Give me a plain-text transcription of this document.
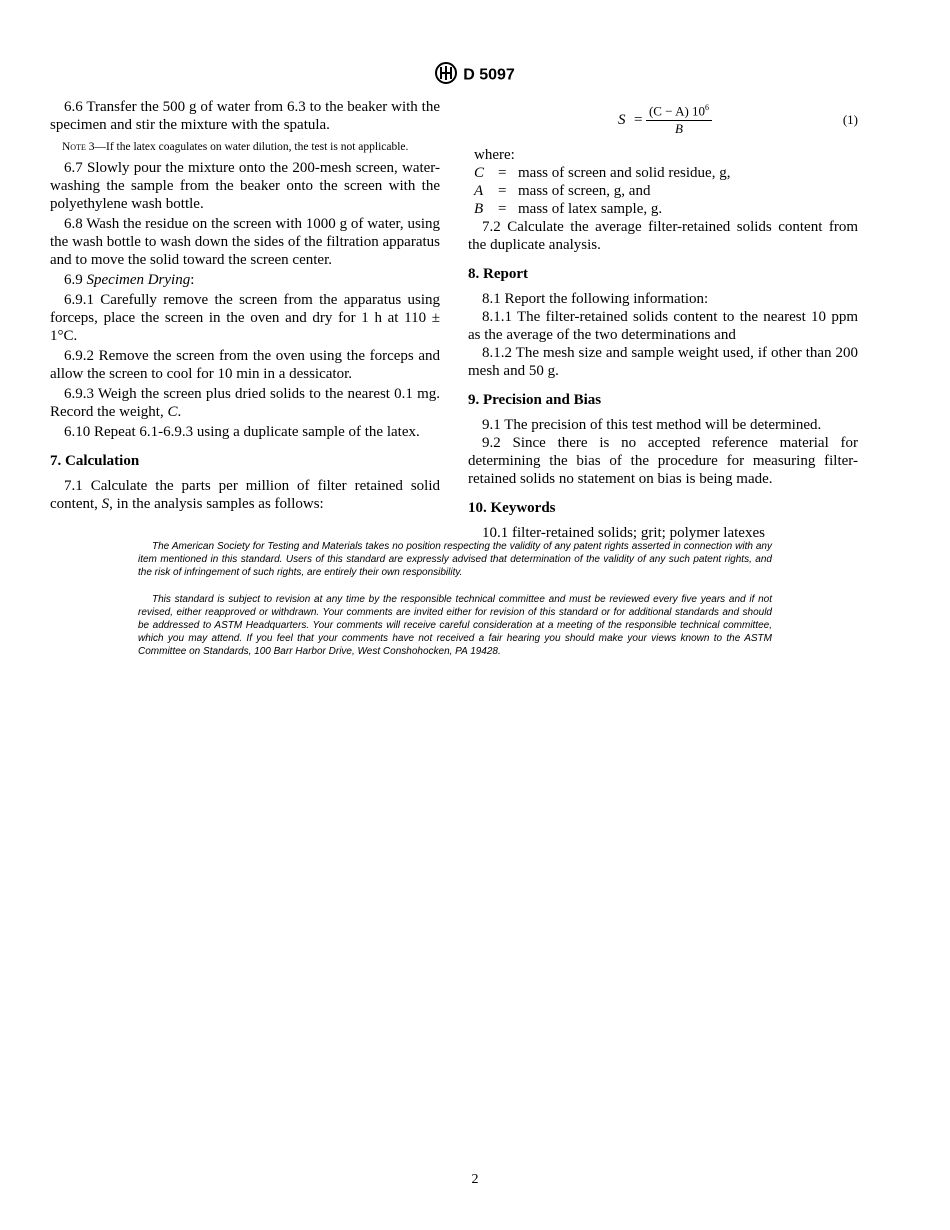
D 5097

6.6 Transfer the 500 g of water from 6.3 to the beaker with the specimen and stir the mixture with the spatula.

Note 3—If the latex coagulates on water dilution, the test is not applicable.

6.7 Slowly pour the mixture onto the 200-mesh screen, water-washing the sample from the beaker onto the screen with the polyethylene wash bottle.

6.8 Wash the residue on the screen with 1000 g of water, using the wash bottle to wash down the sides of the filtration apparatus and to move the solid toward the screen center.

6.9 Specimen Drying:

6.9.1 Carefully remove the screen from the apparatus using forceps, place the screen in the oven and dry for 1 h at 110 ± 1°C.

6.9.2 Remove the screen from the oven using the forceps and allow the screen to cool for 10 min in a dessicator.

6.9.3 Weigh the screen plus dried solids to the nearest 0.1 mg. Record the weight, C.

6.10 Repeat 6.1-6.9.3 using a duplicate sample of the latex.

7. Calculation

7.1 Calculate the parts per million of filter retained solid content, S, in the analysis samples as follows:

$S = \frac{(C - A) 10^6}{B}$	(1)
where:
C = mass of screen and solid residue, g,
A = mass of screen, g, and
B = mass of latex sample, g.

7.2 Calculate the average filter-retained solids content from the duplicate analysis.

8. Report

8.1 Report the following information:

8.1.1 The filter-retained solids content to the nearest 10 ppm as the average of the two determinations and

8.1.2 The mesh size and sample weight used, if other than 200 mesh and 50 g.

9. Precision and Bias

9.1 The precision of this test method will be determined.

9.2 Since there is no accepted reference material for determining the bias of the procedure for measuring filter-retained solids no statement on bias is being made.

10. Keywords

10.1 filter-retained solids; grit; polymer latexes

The American Society for Testing and Materials takes no position respecting the validity of any patent rights asserted in connection with any item mentioned in this standard. Users of this standard are expressly advised that determination of the validity of any such patent rights, and the risk of infringement of such rights, are entirely their own responsibility.

This standard is subject to revision at any time by the responsible technical committee and must be reviewed every five years and if not revised, either reapproved or withdrawn. Your comments are invited either for revision of this standard or for additional standards and should be addressed to ASTM Headquarters. Your comments will receive careful consideration at a meeting of the responsible technical committee, which you may attend. If you feel that your comments have not received a fair hearing you should make your views known to the ASTM Committee on Standards, 100 Barr Harbor Drive, West Conshohocken, PA 19428.

2
